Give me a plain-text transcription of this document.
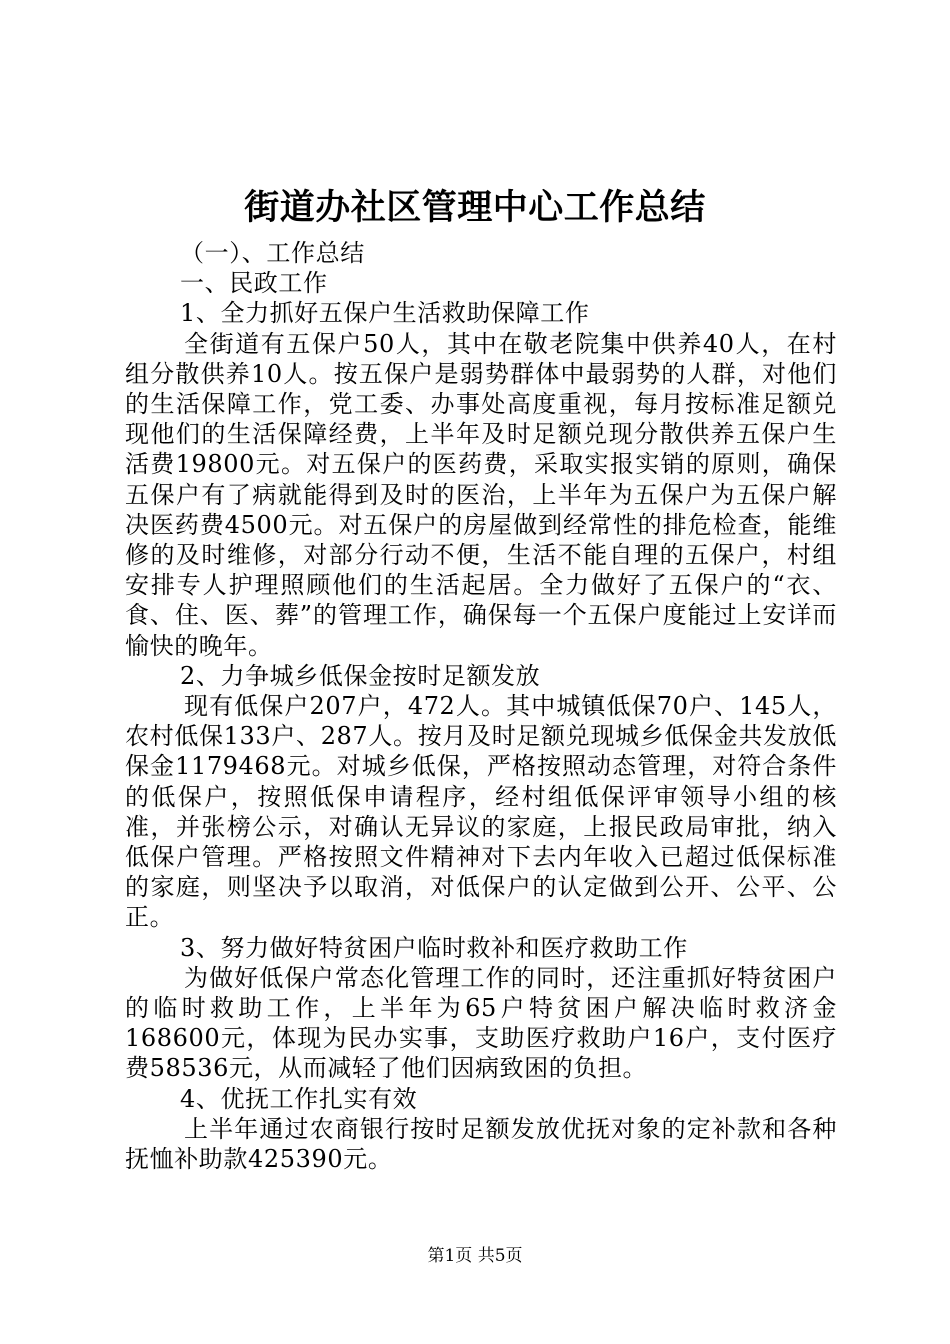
街道办社区管理中心工作总结

（一）、工作总结

一、民政工作

1、全力抓好五保户生活救助保障工作

全街道有五保户50人，其中在敬老院集中供养40人，在村组分散供养10人。按五保户是弱势群体中最弱势的人群，对他们的生活保障工作，党工委、办事处高度重视，每月按标准足额兑现他们的生活保障经费，上半年及时足额兑现分散供养五保户生活费19800元。对五保户的医药费，采取实报实销的原则，确保五保户有了病就能得到及时的医治，上半年为五保户为五保户解决医药费4500元。对五保户的房屋做到经常性的排危检查，能维修的及时维修，对部分行动不便，生活不能自理的五保户，村组安排专人护理照顾他们的生活起居。全力做好了五保户的“衣、食、住、医、葬”的管理工作，确保每一个五保户度能过上安详而愉快的晚年。

2、力争城乡低保金按时足额发放

现有低保户207户，472人。其中城镇低保70户、145人，农村低保133户、287人。按月及时足额兑现城乡低保金共发放低保金1179468元。对城乡低保，严格按照动态管理，对符合条件的低保户，按照低保申请程序，经村组低保评审领导小组的核准，并张榜公示，对确认无异议的家庭，上报民政局审批，纳入低保户管理。严格按照文件精神对下去内年收入已超过低保标准的家庭，则坚决予以取消，对低保户的认定做到公开、公平、公正。

3、努力做好特贫困户临时救补和医疗救助工作

为做好低保户常态化管理工作的同时，还注重抓好特贫困户的临时救助工作，上半年为65户特贫困户解决临时救济金168600元，体现为民办实事，支助医疗救助户16户，支付医疗费58536元，从而减轻了他们因病致困的负担。

4、优抚工作扎实有效

上半年通过农商银行按时足额发放优抚对象的定补款和各种抚恤补助款425390元。

第1页 共5页
